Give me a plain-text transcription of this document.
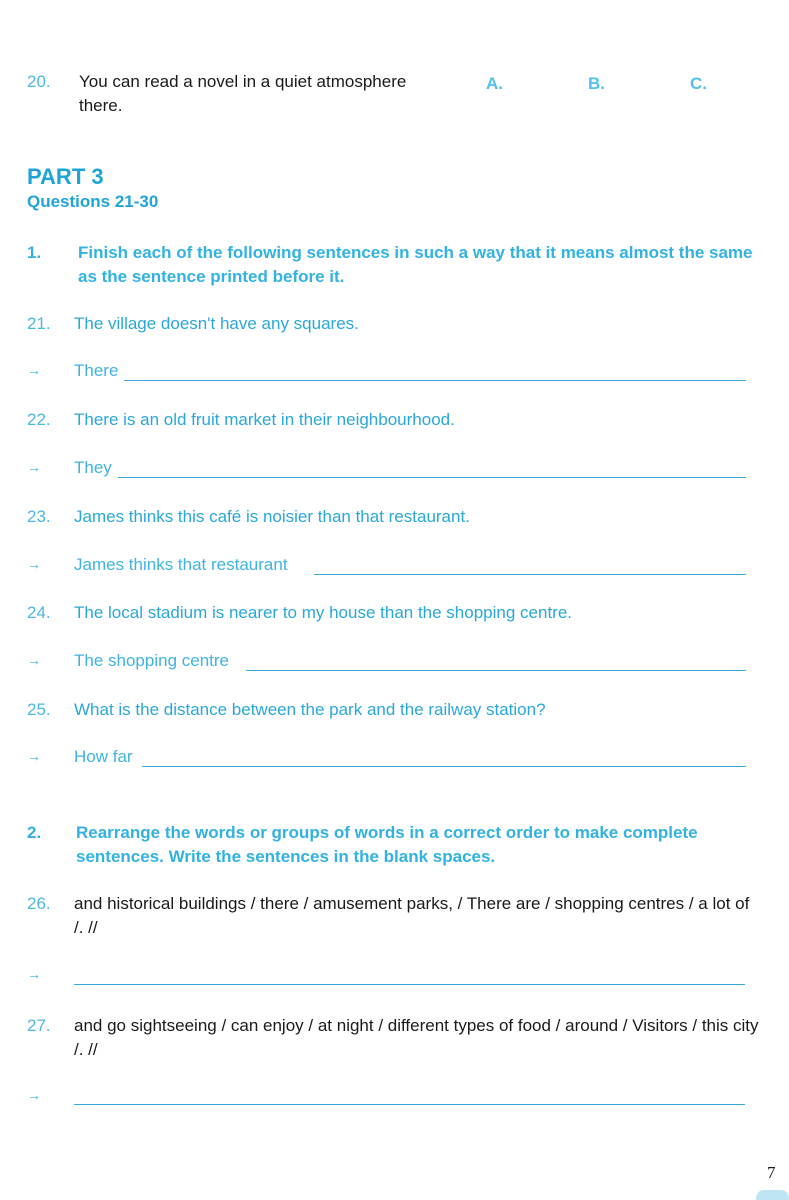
20. You can read a novel in a quiet atmosphere there.
A.	B.	C.
PART 3
Questions 21-30
1. Finish each of the following sentences in such a way that it means almost the same as the sentence printed before it.
21. The village doesn't have any squares.
→ There
22. There is an old fruit market in their neighbourhood.
→ They
23. James thinks this café is noisier than that restaurant.
→ James thinks that restaurant
24. The local stadium is nearer to my house than the shopping centre.
→ The shopping centre
25. What is the distance between the park and the railway station?
→ How far
2. Rearrange the words or groups of words in a correct order to make complete sentences. Write the sentences in the blank spaces.
26. and historical buildings / there / amusement parks, / There are / shopping centres / a lot of /. //
→
27. and go sightseeing / can enjoy / at night / different types of food / around / Visitors / this city /. //
→
7
